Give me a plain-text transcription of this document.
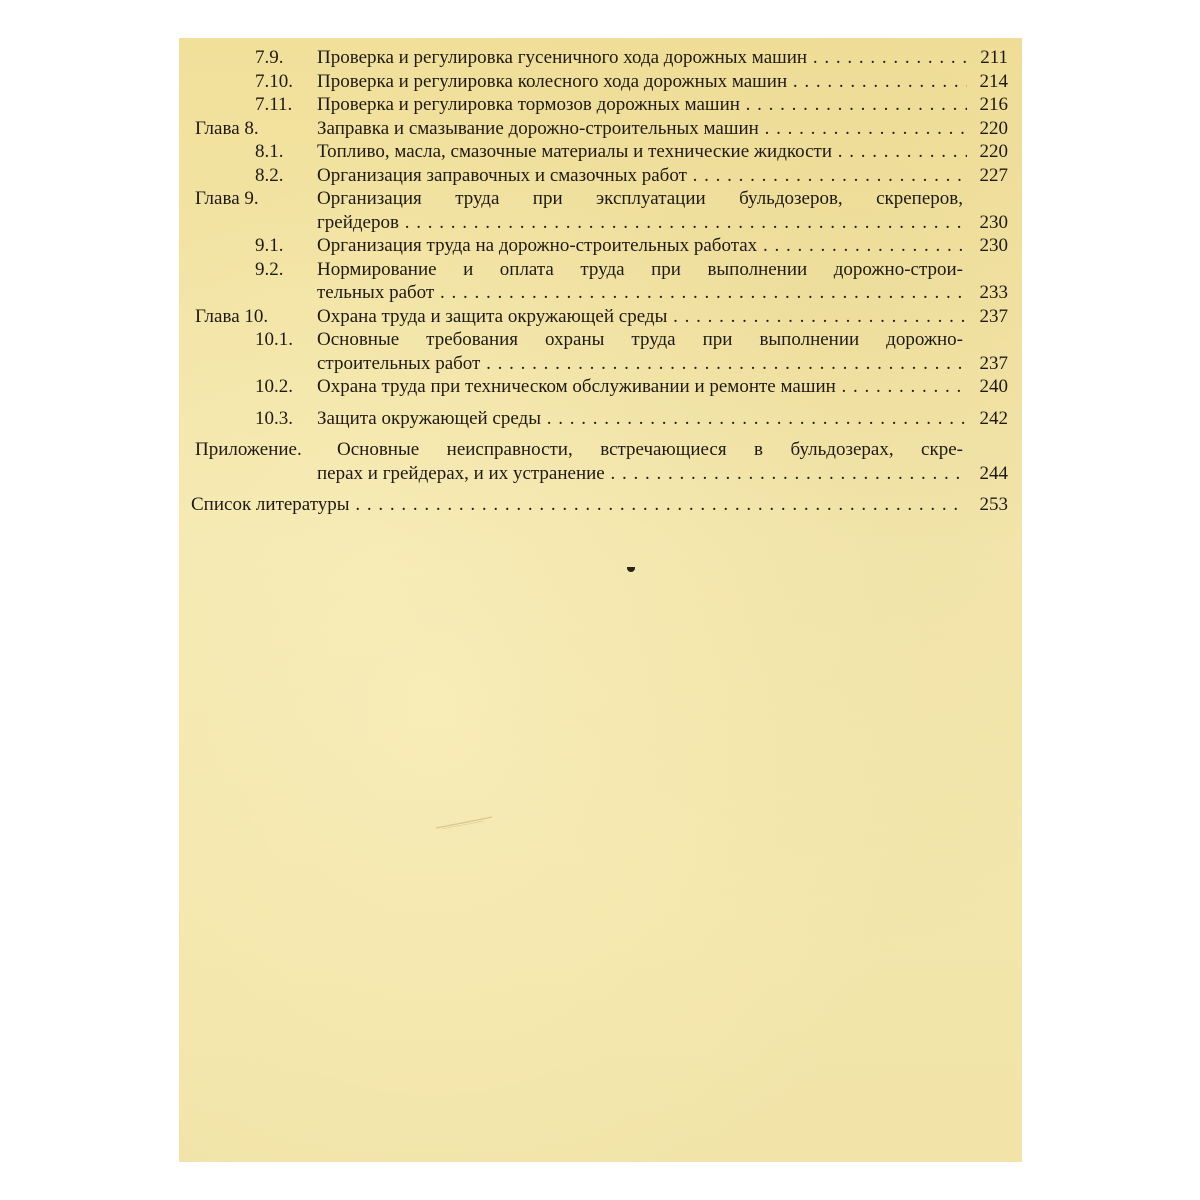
7.9. Проверка и регулировка гусеничного хода дорожных машин . . .	211
7.10. Проверка и регулировка колесного хода дорожных машин . . .	214
7.11. Проверка и регулировка тормозов дорожных машин . . .	216
Глава 8.	Заправка и смазывание дорожно-строительных машин . . .	220
8.1. Топливо, масла, смазочные материалы и технические жидкости . . .	220
8.2. Организация заправочных и смазочных работ . . .	227
Глава 9.	Организация труда при эксплуатации бульдозеров, скреперов,
грейдеров . . .	230
9.1. Организация труда на дорожно-строительных работах . . .	230
9.2. Нормирование и оплата труда при выполнении дорожно-строи-
тельных работ . . .	233
Глава 10.	Охрана труда и защита окружающей среды . . .	237
10.1. Основные требования охраны труда при выполнении дорожно-
строительных работ . . .	237
10.2. Охрана труда при техническом обслуживании и ремонте машин . . .	240
10.3. Защита окружающей среды . . .	242
Приложение. Основные неисправности, встречающиеся в бульдозерах, скре-
перах и грейдерах, и их устранение . . .	244
Список литературы . . .	253
